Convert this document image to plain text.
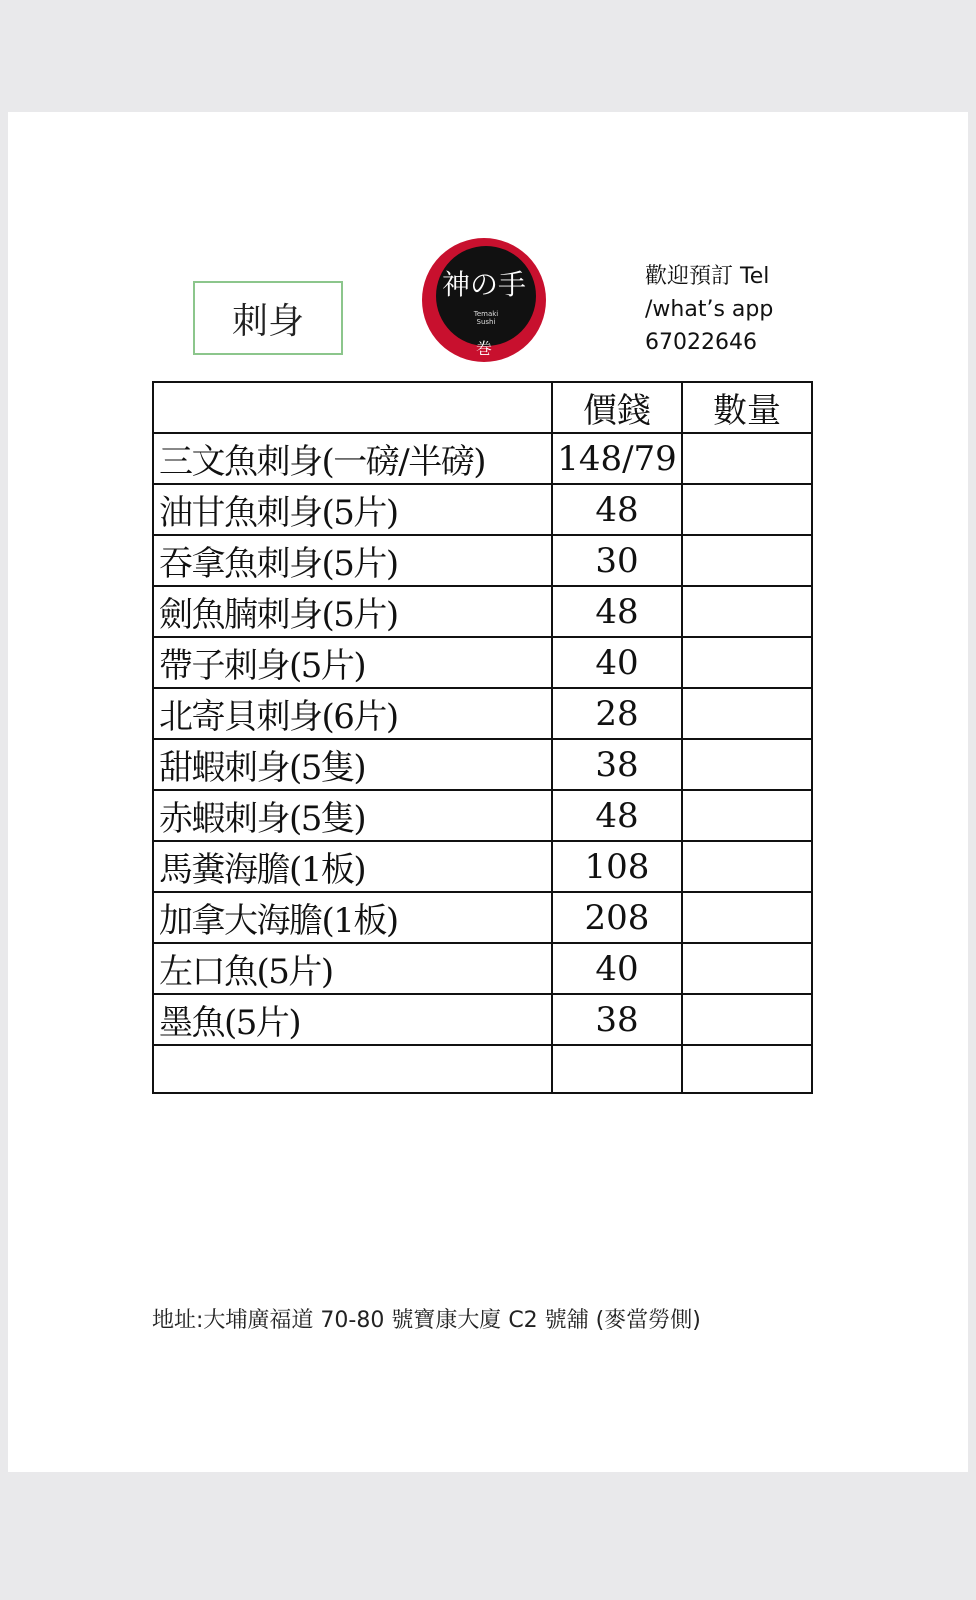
刺身
神の手
Temaki
Sushi
巻
歡迎預訂 Tel
/what’s app
67022646
	價錢	數量
三文魚刺身(一磅/半磅)	148/79	
油甘魚刺身(5片)	48	
吞拿魚刺身(5片)	30	
劍魚腩刺身(5片)	48	
帶子刺身(5片)	40	
北寄貝刺身(6片)	28	
甜蝦刺身(5隻)	38	
赤蝦刺身(5隻)	48	
馬糞海膽(1板)	108	
加拿大海膽(1板)	208	
左口魚(5片)	40	
墨魚(5片)	38	

地址:大埔廣福道 70-80 號寶康大廈 C2 號舖 (麥當勞側)
